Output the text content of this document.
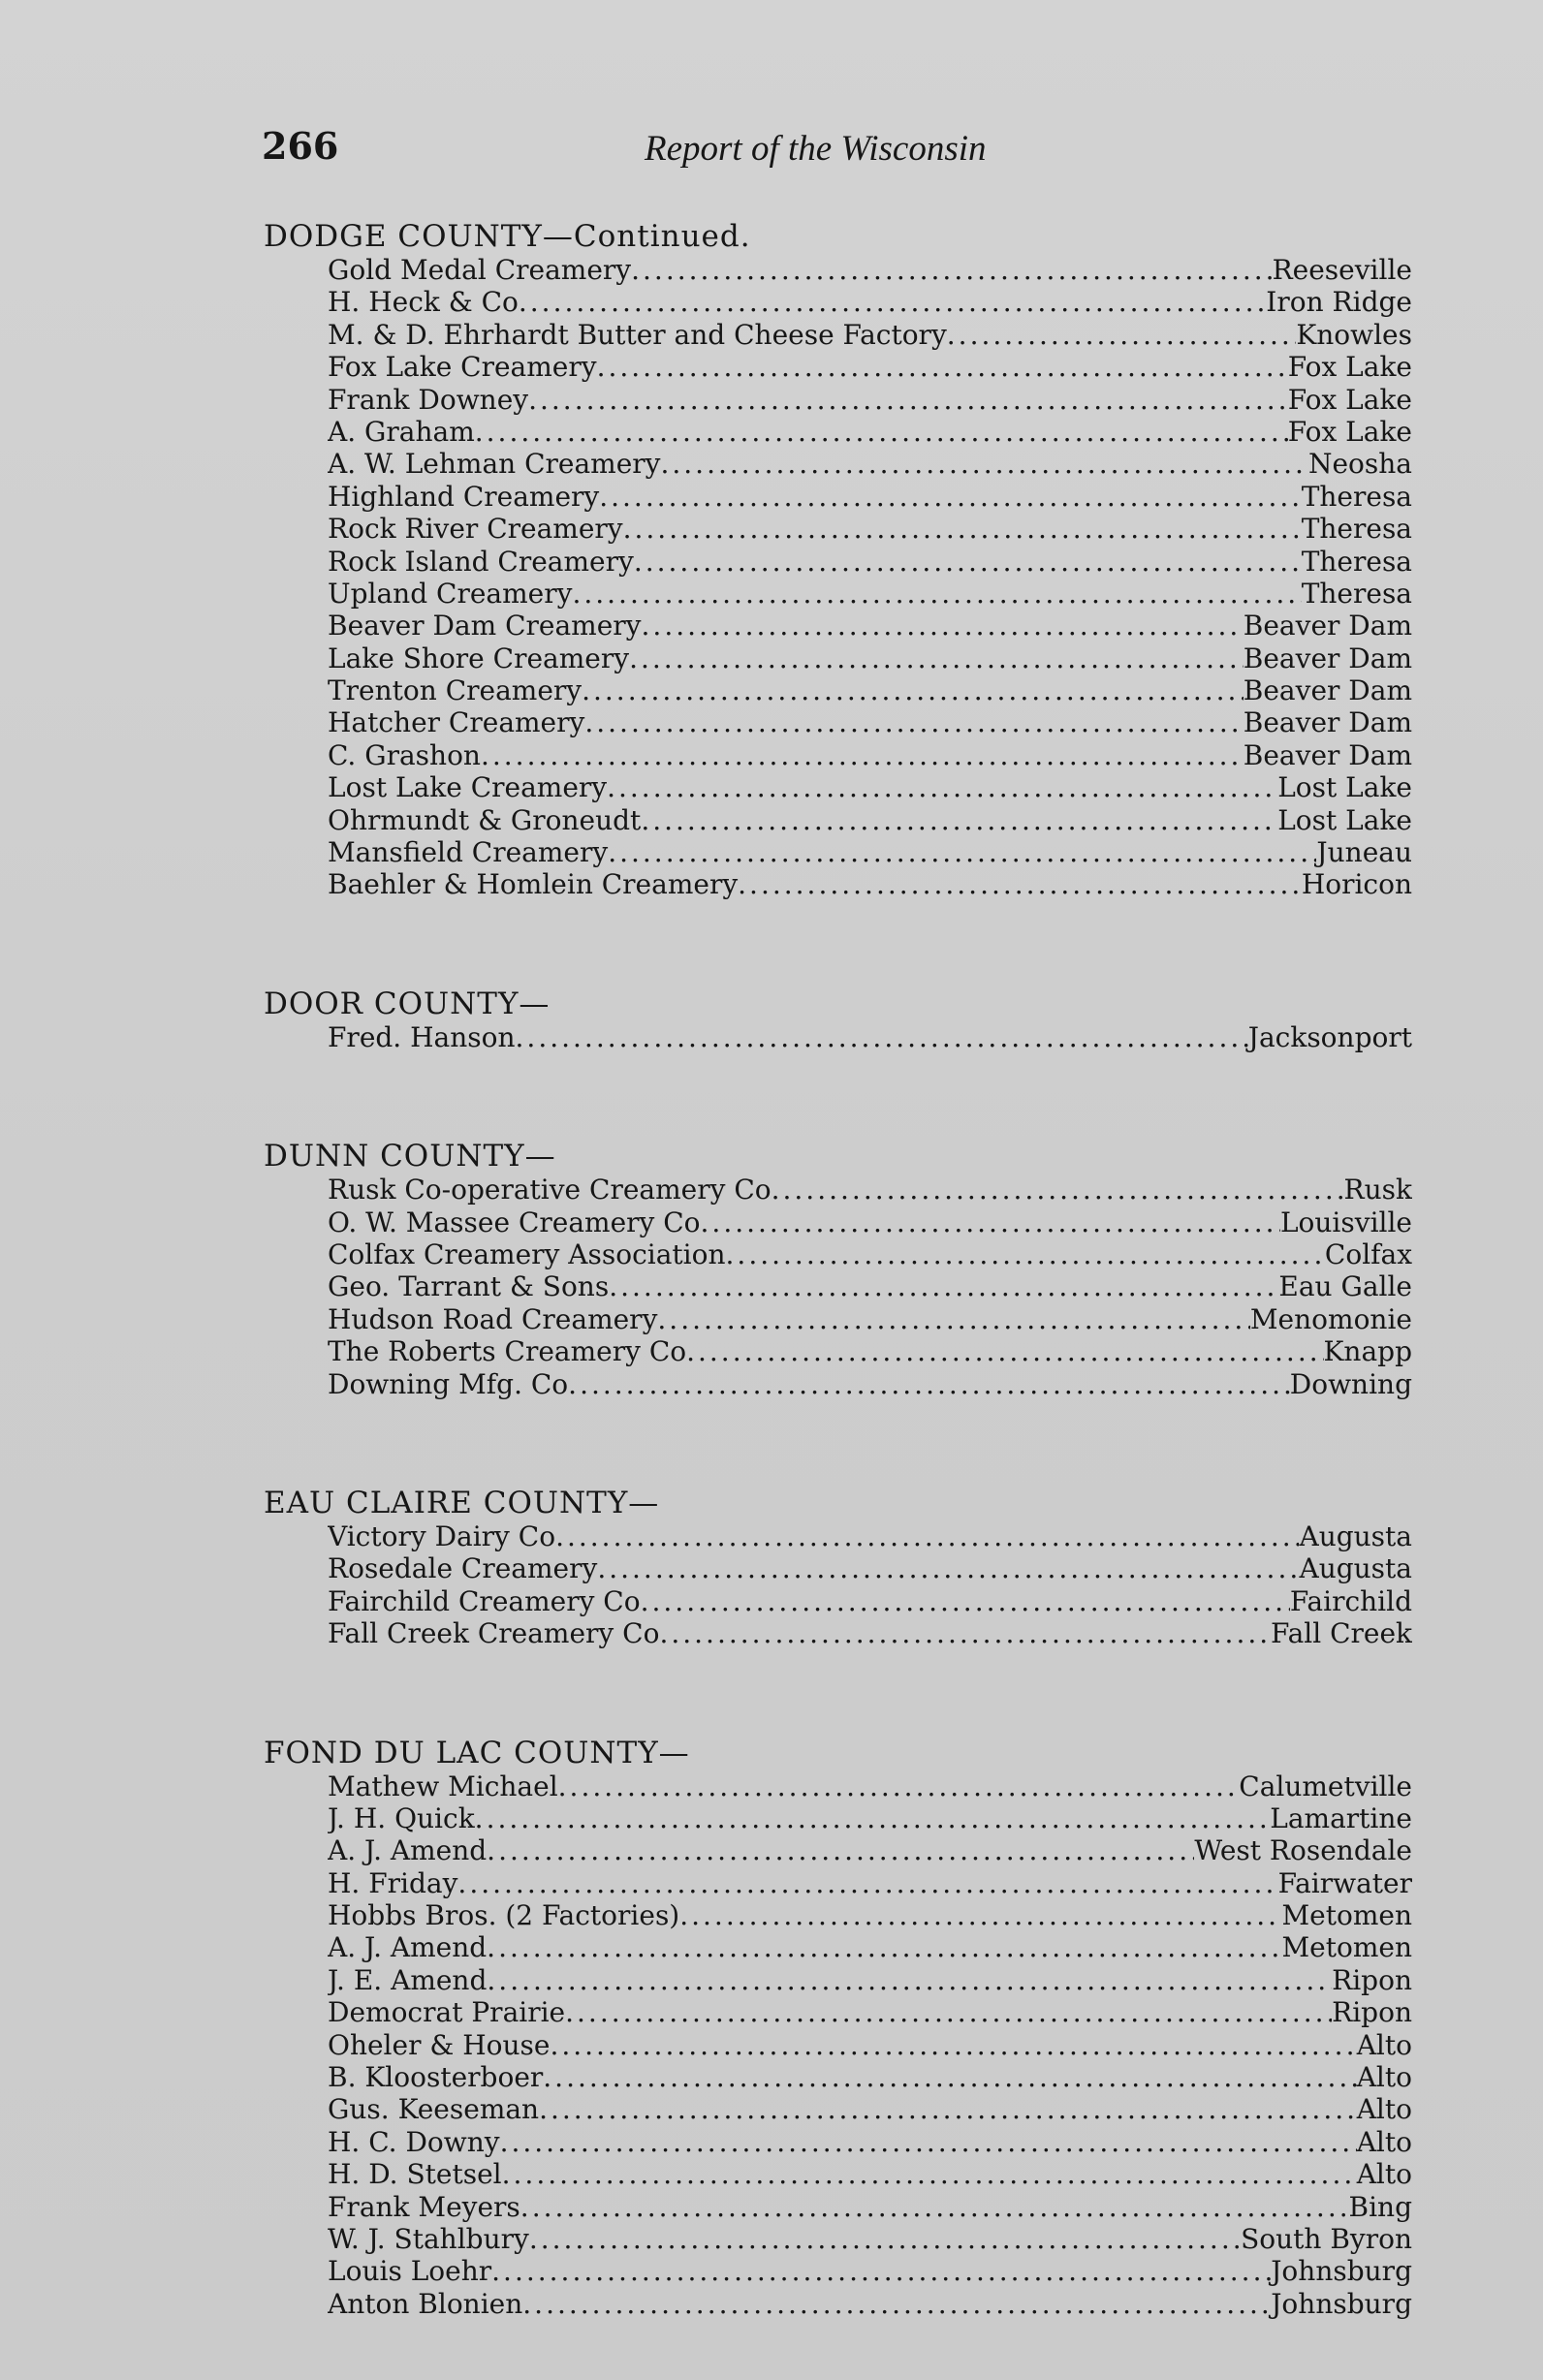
266	Report of the Wisconsin
DODGE COUNTY—Continued.
Gold Medal Creamery .....	Reeseville
H. Heck & Co .....	Iron Ridge
M. & D. Ehrhardt Butter and Cheese Factory .....	Knowles
Fox Lake Creamery .....	Fox Lake
Frank Downey .....	Fox Lake
A. Graham .....	Fox Lake
A. W. Lehman Creamery .....	Neosha
Highland Creamery .....	Theresa
Rock River Creamery .....	Theresa
Rock Island Creamery .....	Theresa
Upland Creamery .....	Theresa
Beaver Dam Creamery .....	Beaver Dam
Lake Shore Creamery .....	Beaver Dam
Trenton Creamery .....	Beaver Dam
Hatcher Creamery .....	Beaver Dam
C. Grashon .....	Beaver Dam
Lost Lake Creamery .....	Lost Lake
Ohrmundt & Groneudt .....	Lost Lake
Mansfield Creamery .....	Juneau
Baehler & Homlein Creamery .....	Horicon
DOOR COUNTY—
Fred. Hanson .....	Jacksonport
DUNN COUNTY—
Rusk Co-operative Creamery Co .....	Rusk
O. W. Massee Creamery Co .....	Louisville
Colfax Creamery Association .....	Colfax
Geo. Tarrant & Sons .....	Eau Galle
Hudson Road Creamery .....	Menomonie
The Roberts Creamery Co .....	Knapp
Downing Mfg. Co .....	Downing
EAU CLAIRE COUNTY—
Victory Dairy Co .....	Augusta
Rosedale Creamery .....	Augusta
Fairchild Creamery Co .....	Fairchild
Fall Creek Creamery Co .....	Fall Creek
FOND DU LAC COUNTY—
Mathew Michael .....	Calumetville
J. H. Quick .....	Lamartine
A. J. Amend .....	West Rosendale
H. Friday .....	Fairwater
Hobbs Bros. (2 Factories) .....	Metomen
A. J. Amend .....	Metomen
J. E. Amend .....	Ripon
Democrat Prairie .....	Ripon
Oheler & House .....	Alto
B. Kloosterboer .....	Alto
Gus. Keeseman .....	Alto
H. C. Downy .....	Alto
H. D. Stetsel .....	Alto
Frank Meyers .....	Bing
W. J. Stahlbury .....	South Byron
Louis Loehr .....	Johnsburg
Anton Blonien .....	Johnsburg
